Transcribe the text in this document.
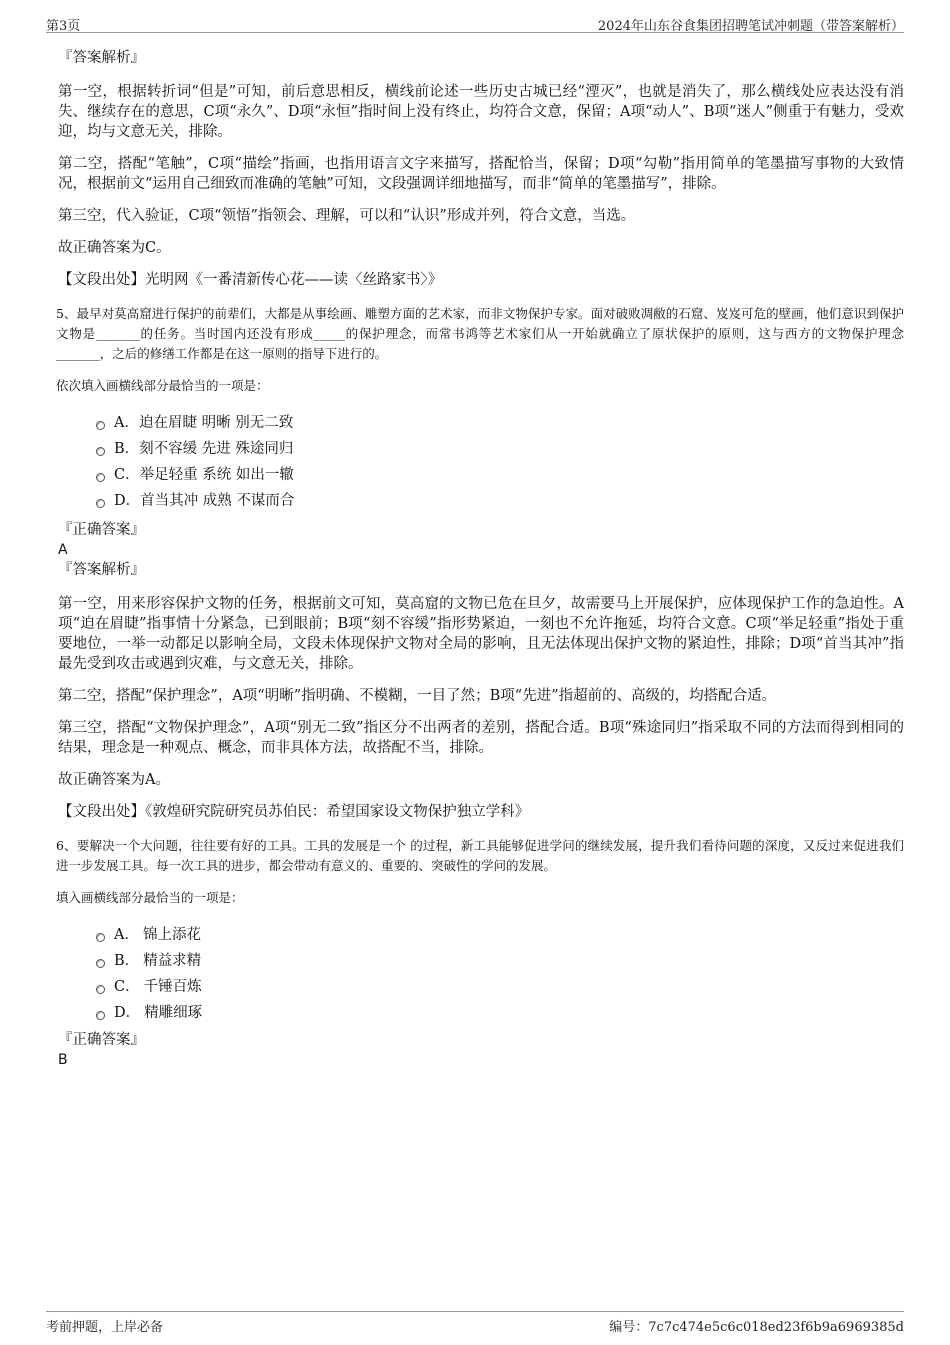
第3页	2024年山东谷食集团招聘笔试冲刺题（带答案解析）
『答案解析』
第一空，根据转折词“但是”可知，前后意思相反，横线前论述一些历史古城已经“湮灭”，也就是消失了，那么横线处应表达没有消失、继续存在的意思，C项“永久”、D项“永恒”指时间上没有终止，均符合文意，保留；A项“动人”、B项“迷人”侧重于有魅力，受欢迎，均与文意无关，排除。
第二空，搭配“笔触”，C项“描绘”指画，也指用语言文字来描写，搭配恰当，保留；D项“勾勒”指用简单的笔墨描写事物的大致情况，根据前文“运用自己细致而准确的笔触”可知，文段强调详细地描写，而非“简单的笔墨描写”，排除。
第三空，代入验证，C项“领悟”指领会、理解，可以和“认识”形成并列，符合文意，当选。
故正确答案为C。
【文段出处】光明网《一番清新传心花——读〈丝路家书〉》
5、最早对莫高窟进行保护的前辈们，大都是从事绘画、雕塑方面的艺术家，而非文物保护专家。面对破败凋敝的石窟、岌岌可危的壁画，他们意识到保护文物是_______的任务。当时国内还没有形成_____的保护理念，而常书鸿等艺术家们从一开始就确立了原状保护的原则，这与西方的文物保护理念_______，之后的修缮工作都是在这一原则的指导下进行的。
依次填入画横线部分最恰当的一项是：
A．迫在眉睫 明晰 别无二致
B．刻不容缓 先进 殊途同归
C．举足轻重 系统 如出一辙
D．首当其冲 成熟 不谋而合
『正确答案』
A
『答案解析』
第一空，用来形容保护文物的任务，根据前文可知，莫高窟的文物已危在旦夕，故需要马上开展保护，应体现保护工作的急迫性。A项“迫在眉睫”指事情十分紧急，已到眼前；B项“刻不容缓”指形势紧迫，一刻也不允许拖延，均符合文意。C项“举足轻重”指处于重要地位，一举一动都足以影响全局，文段未体现保护文物对全局的影响，且无法体现出保护文物的紧迫性，排除；D项“首当其冲”指最先受到攻击或遇到灾难，与文意无关，排除。
第二空，搭配“保护理念”，A项“明晰”指明确、不模糊，一目了然；B项“先进”指超前的、高级的，均搭配合适。
第三空，搭配“文物保护理念”，A项“别无二致”指区分不出两者的差别，搭配合适。B项“殊途同归”指采取不同的方法而得到相同的结果，理念是一种观点、概念，而非具体方法，故搭配不当，排除。
故正确答案为A。
【文段出处】《敦煌研究院研究员苏伯民：希望国家设文物保护独立学科》
6、要解决一个大问题，往往要有好的工具。工具的发展是一个 的过程，新工具能够促进学问的继续发展，提升我们看待问题的深度，又反过来促进我们进一步发展工具。每一次工具的进步，都会带动有意义的、重要的、突破性的学问的发展。
填入画横线部分最恰当的一项是：
A． 锦上添花
B． 精益求精
C． 千锤百炼
D． 精雕细琢
『正确答案』
B
考前押题，上岸必备	编号：7c7c474e5c6c018ed23f6b9a6969385d
